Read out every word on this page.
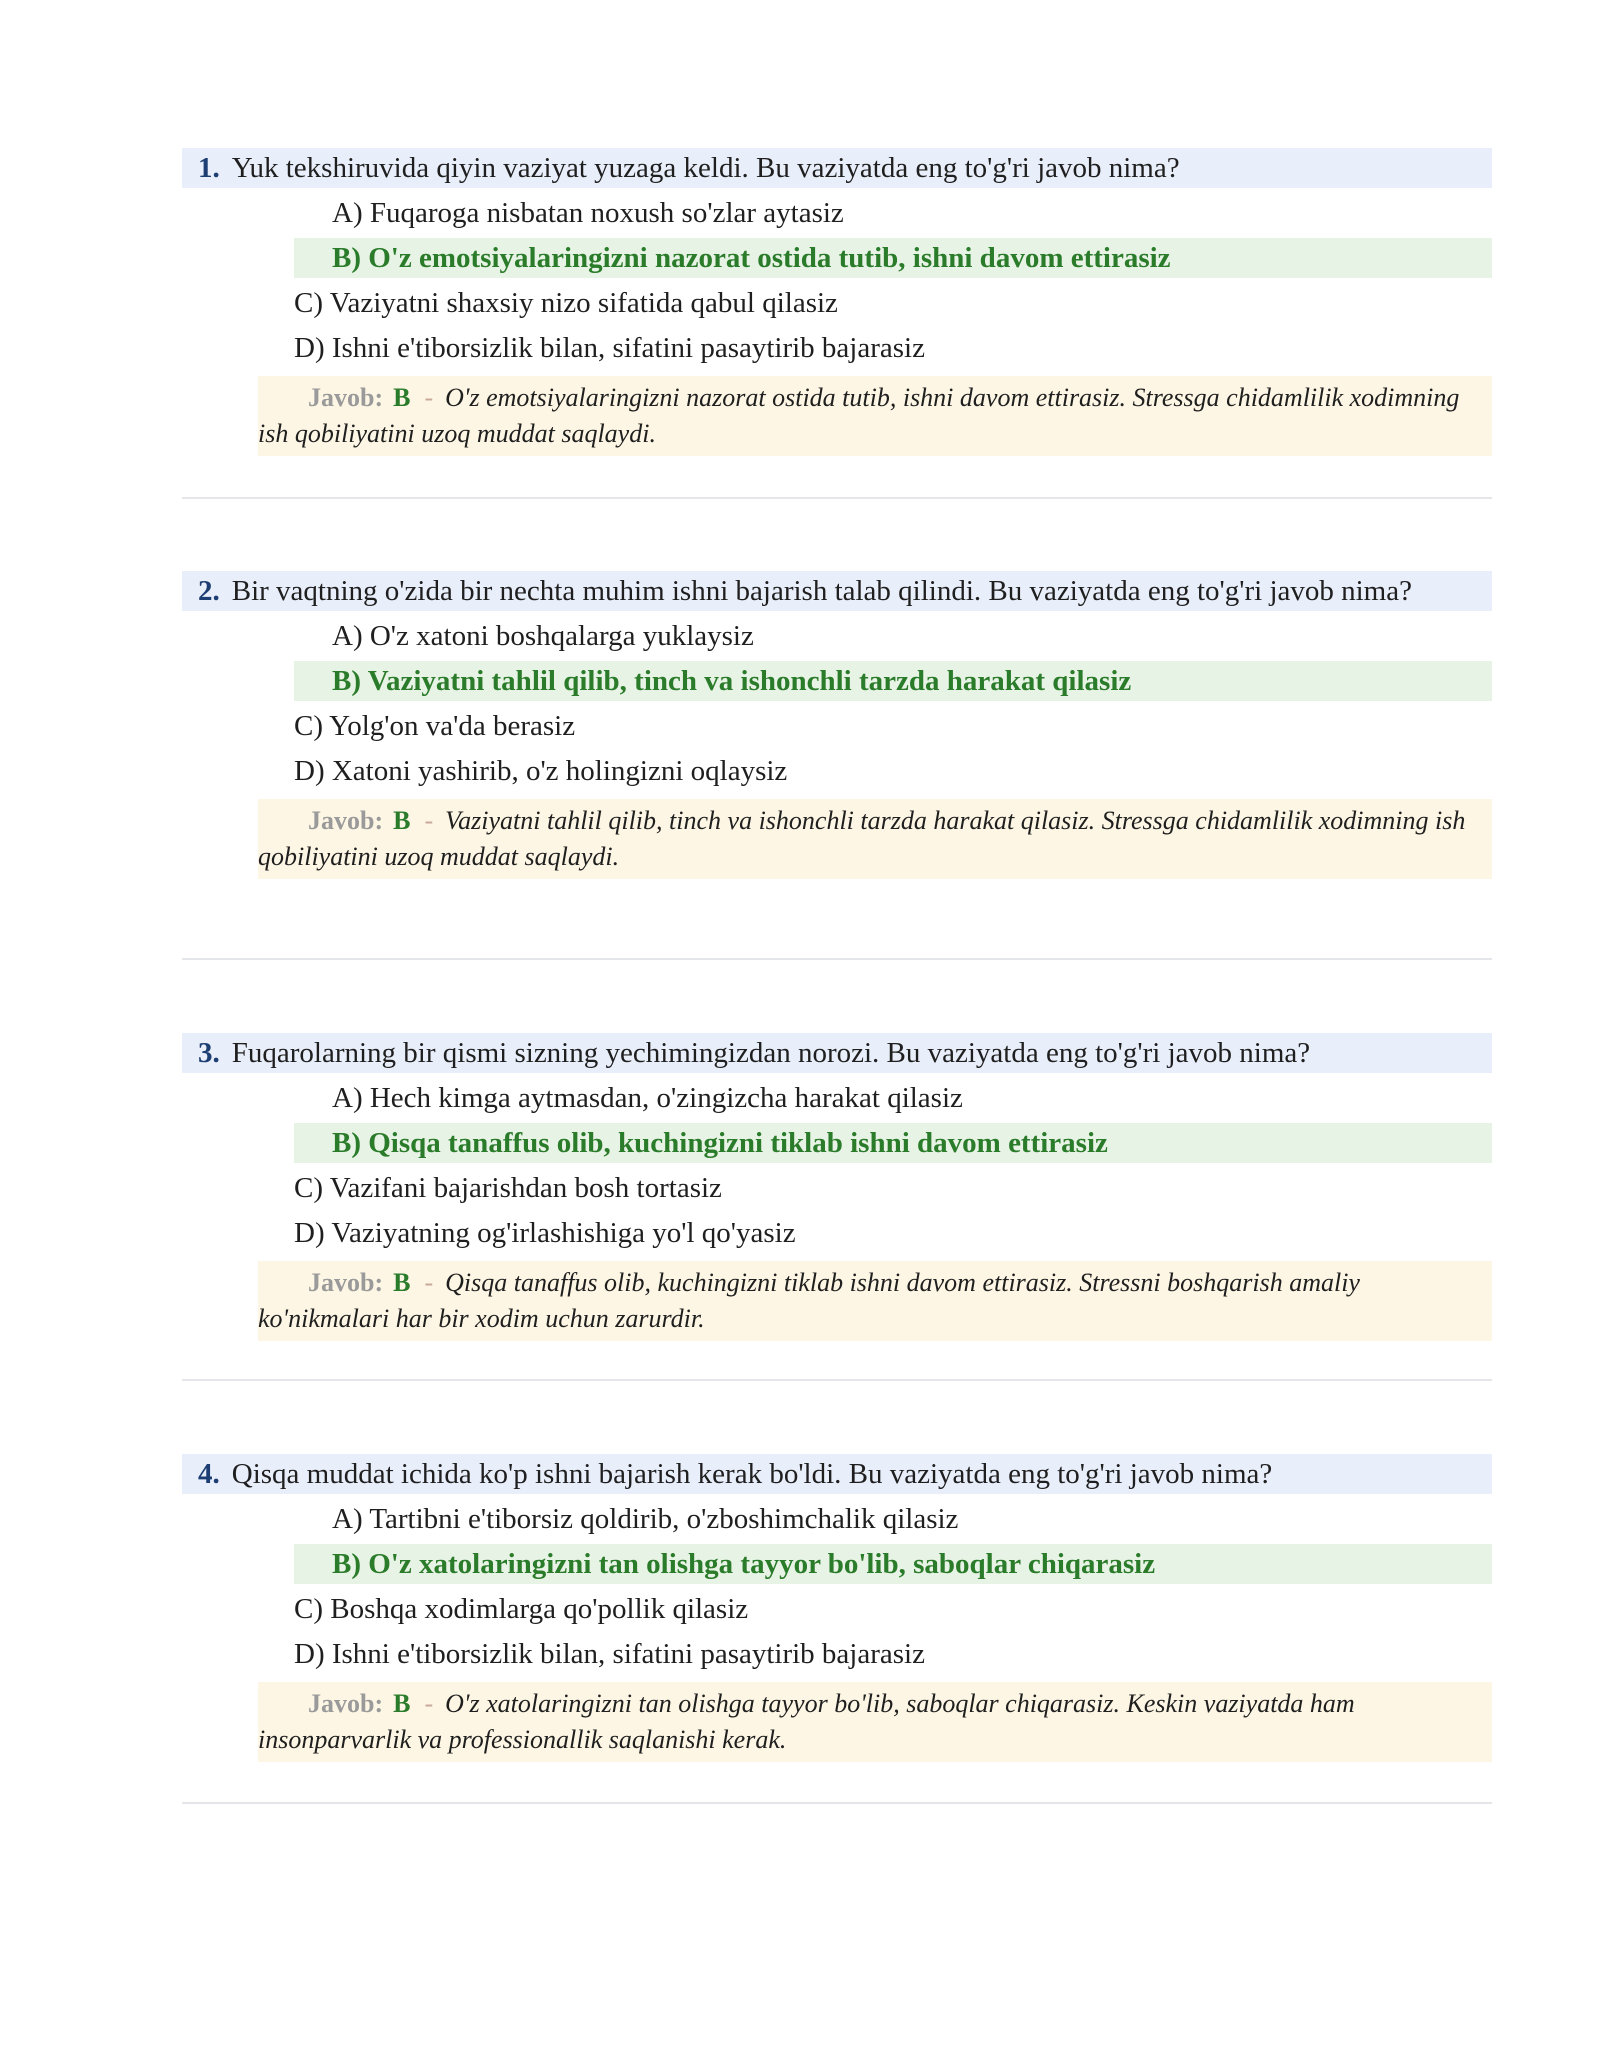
1. Yuk tekshiruvida qiyin vaziyat yuzaga keldi. Bu vaziyatda eng to'g'ri javob nima?
A) Fuqaroga nisbatan noxush so'zlar aytasiz
B) O'z emotsiyalaringizni nazorat ostida tutib, ishni davom ettirasiz
C) Vaziyatni shaxsiy nizo sifatida qabul qilasiz
D) Ishni e'tiborsizlik bilan, sifatini pasaytirib bajarasiz
Javob: B - O'z emotsiyalaringizni nazorat ostida tutib, ishni davom ettirasiz. Stressga chidamlilik xodimning ish qobiliyatini uzoq muddat saqlaydi.
2. Bir vaqtning o'zida bir nechta muhim ishni bajarish talab qilindi. Bu vaziyatda eng to'g'ri javob nima?
A) O'z xatoni boshqalarga yuklaysiz
B) Vaziyatni tahlil qilib, tinch va ishonchli tarzda harakat qilasiz
C) Yolg'on va'da berasiz
D) Xatoni yashirib, o'z holingizni oqlaysiz
Javob: B - Vaziyatni tahlil qilib, tinch va ishonchli tarzda harakat qilasiz. Stressga chidamlilik xodimning ish qobiliyatini uzoq muddat saqlaydi.
3. Fuqarolarning bir qismi sizning yechimingizdan norozi. Bu vaziyatda eng to'g'ri javob nima?
A) Hech kimga aytmasdan, o'zingizcha harakat qilasiz
B) Qisqa tanaffus olib, kuchingizni tiklab ishni davom ettirasiz
C) Vazifani bajarishdan bosh tortasiz
D) Vaziyatning og'irlashishiga yo'l qo'yasiz
Javob: B - Qisqa tanaffus olib, kuchingizni tiklab ishni davom ettirasiz. Stressni boshqarish amaliy ko'nikmalari har bir xodim uchun zarurdir.
4. Qisqa muddat ichida ko'p ishni bajarish kerak bo'ldi. Bu vaziyatda eng to'g'ri javob nima?
A) Tartibni e'tiborsiz qoldirib, o'zboshimchalik qilasiz
B) O'z xatolaringizni tan olishga tayyor bo'lib, saboqlar chiqarasiz
C) Boshqa xodimlarga qo'pollik qilasiz
D) Ishni e'tiborsizlik bilan, sifatini pasaytirib bajarasiz
Javob: B - O'z xatolaringizni tan olishga tayyor bo'lib, saboqlar chiqarasiz. Keskin vaziyatda ham insonparvarlik va professionallik saqlanishi kerak.
